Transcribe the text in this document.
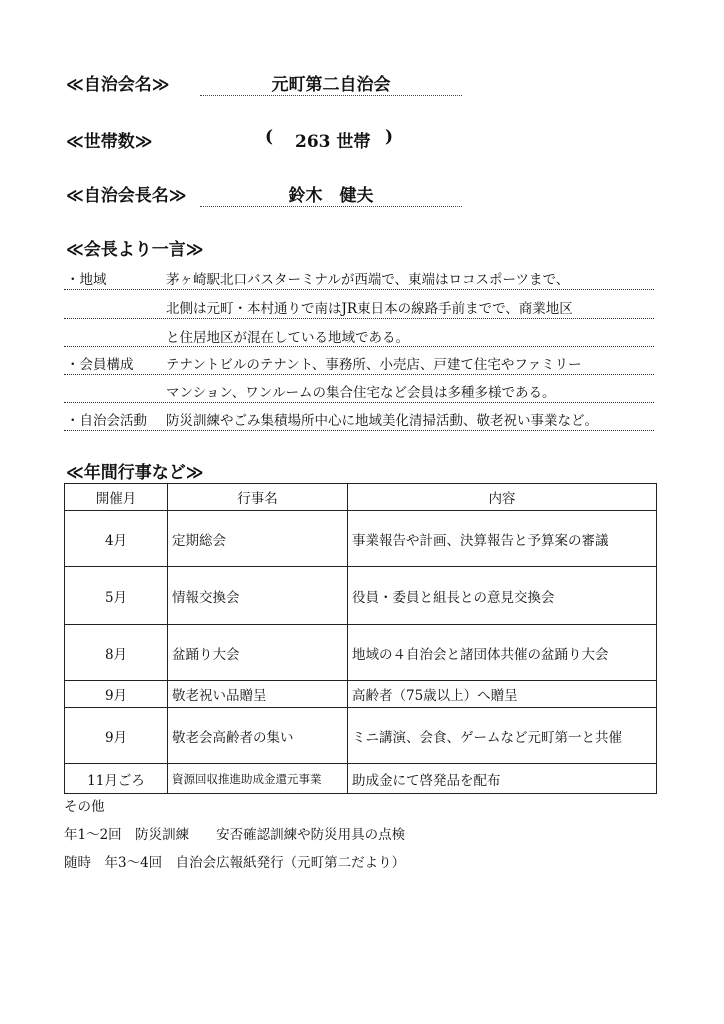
≪自治会名≫	元町第二自治会
≪世帯数≫	( 263 世帯 )
≪自治会長名≫	鈴木　健夫
≪会長より一言≫
・地域	茅ヶ崎駅北口バスターミナルが西端で、東端はロコスポーツまで、
北側は元町・本村通りで南はJR東日本の線路手前までで、商業地区
と住居地区が混在している地域である。
・会員構成 テナントビルのテナント、事務所、小売店、戸建て住宅やファミリー
マンション、ワンルームの集合住宅など会員は多種多様である。
・自治会活動 防災訓練やごみ集積場所中心に地域美化清掃活動、敬老祝い事業など。
≪年間行事など≫
開催月	行事名	内容
4月	定期総会	事業報告や計画、決算報告と予算案の審議
5月	情報交換会	役員・委員と組長との意見交換会
8月	盆踊り大会	地域の４自治会と諸団体共催の盆踊り大会
9月	敬老祝い品贈呈	高齢者（75歳以上）へ贈呈
9月	敬老会高齢者の集い	ミニ講演、会食、ゲームなど元町第一と共催
11月ごろ	資源回収推進助成金還元事業	助成金にて啓発品を配布
その他
年1～2回　防災訓練　　安否確認訓練や防災用具の点検
随時　年3～4回　自治会広報紙発行（元町第二だより）
